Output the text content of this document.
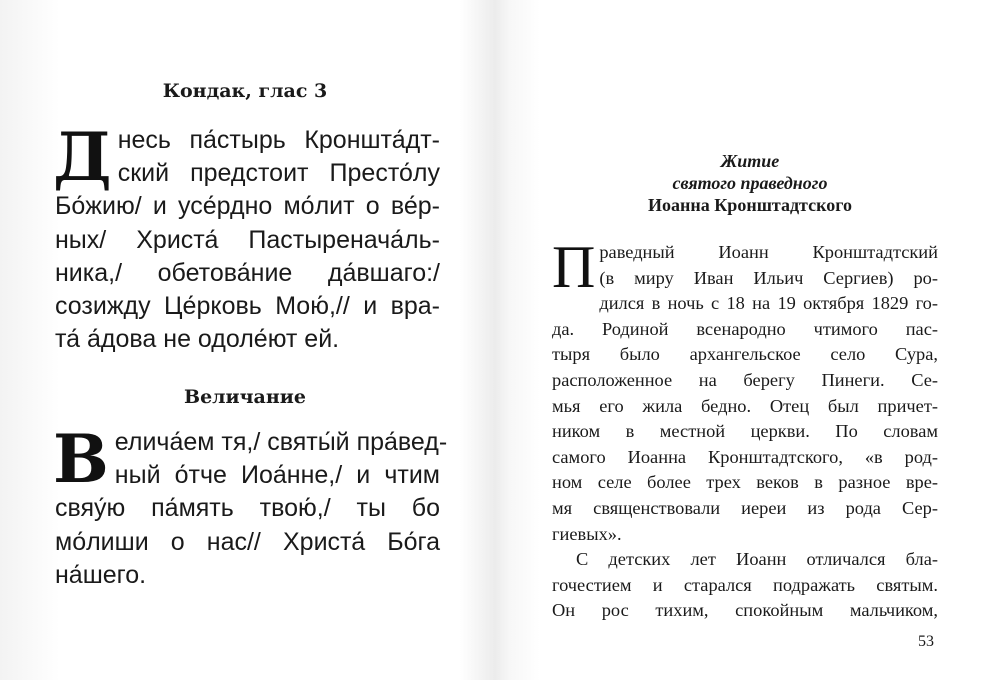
Кондак, глас 3
Д несь па́стырь Кроншта́дт-
ский предстоит Престо́лу
Бо́жию/ и усе́рдно мо́лит о ве́р-
ных/ Христа́ Пастыренача́ль-
ника,/ обетова́ние да́вшаго:/
созижду Це́рковь Мою́,// и вра-
та́ а́дова не одоле́ют ей.
Величание
В елича́ем тя,/ святы́й пра́вед-
ный о́тче Иоа́нне,/ и чтим
свяу́ю па́мять твою́,/ ты бо
мо́лиши о нас// Христа́ Бо́га
на́шего.
Житие
святого праведного
Иоанна Кронштадтского
П раведный Иоанн Кронштадтский
(в миру Иван Ильич Сергиев) ро-
дился в ночь с 18 на 19 октября 1829 го-
да. Родиной всенародно чтимого пас-
тыря было архангельское село Сура,
расположенное на берегу Пинеги. Се-
мья его жила бедно. Отец был причет-
ником в местной церкви. По словам
самого Иоанна Кронштадтского, «в род-
ном селе более трех веков в разное вре-
мя священствовали иереи из рода Сер-
гиевых».
С детских лет Иоанн отличался бла-
гочестием и старался подражать святым.
Он рос тихим, спокойным мальчиком,
53
